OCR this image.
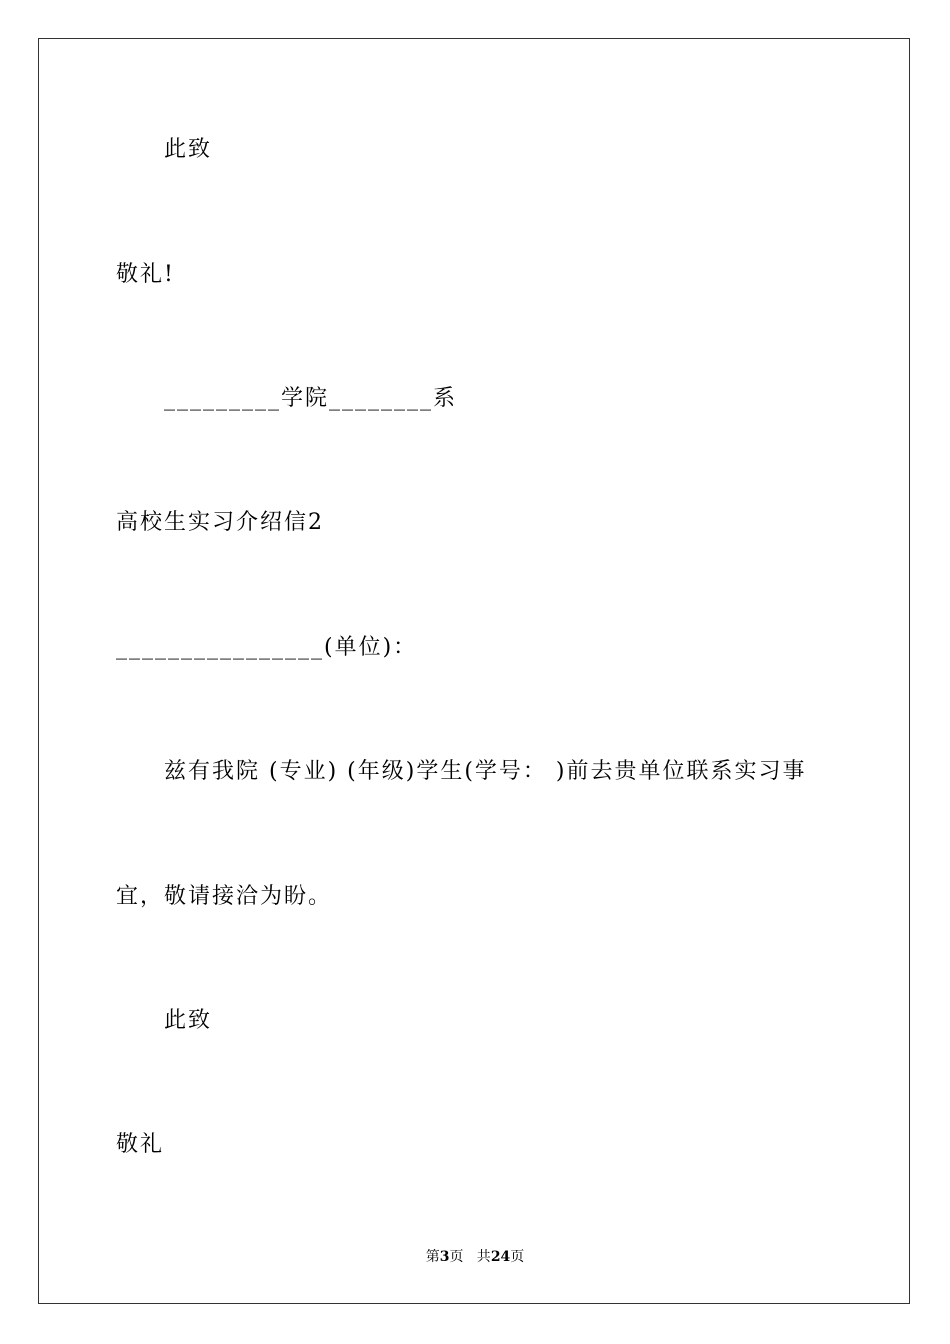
此致
敬礼!
_________学院________系
高校生实习介绍信2
________________(单位)：
兹有我院 (专业) (年级)学生(学号： )前去贵单位联系实习事
宜，敬请接洽为盼。
此致
敬礼
第3页   共24页
